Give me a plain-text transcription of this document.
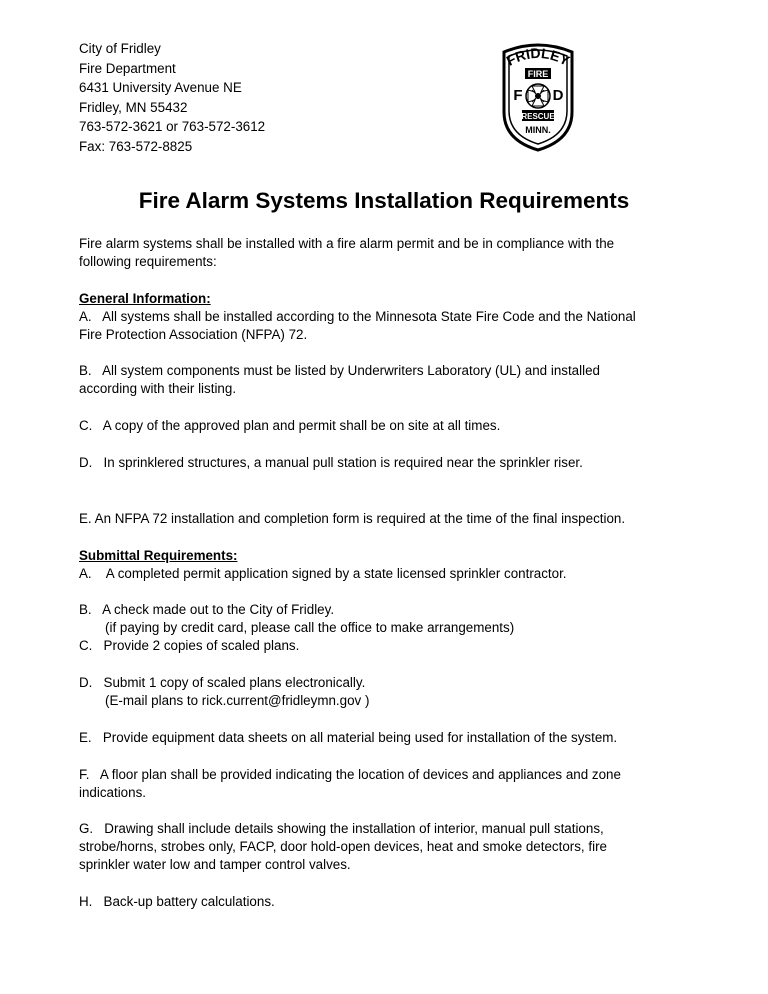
City of Fridley
Fire Department
6431 University Avenue NE
Fridley, MN 55432
763-572-3621 or 763-572-3612
Fax: 763-572-8825
FRIDLEY
FIRE
F D
RESCUE
MINN.
Fire Alarm Systems Installation Requirements
Fire alarm systems shall be installed with a fire alarm permit and be in compliance with the
following requirements:
General Information:
A.   All systems shall be installed according to the Minnesota State Fire Code and the National
Fire Protection Association (NFPA) 72.
B.   All system components must be listed by Underwriters Laboratory (UL) and installed
according with their listing.
C.   A copy of the approved plan and permit shall be on site at all times.
D.   In sprinklered structures, a manual pull station is required near the sprinkler riser.
E. An NFPA 72 installation and completion form is required at the time of the final inspection.
Submittal Requirements:
A.    A completed permit application signed by a state licensed sprinkler contractor.
B.   A check made out to the City of Fridley.
(if paying by credit card, please call the office to make arrangements)
C.   Provide 2 copies of scaled plans.
D.   Submit 1 copy of scaled plans electronically.
(E-mail plans to rick.current@fridleymn.gov )
E.   Provide equipment data sheets on all material being used for installation of the system.
F.   A floor plan shall be provided indicating the location of devices and appliances and zone
indications.
G.   Drawing shall include details showing the installation of interior, manual pull stations,
strobe/horns, strobes only, FACP, door hold-open devices, heat and smoke detectors, fire
sprinkler water low and tamper control valves.
H.   Back-up battery calculations.
